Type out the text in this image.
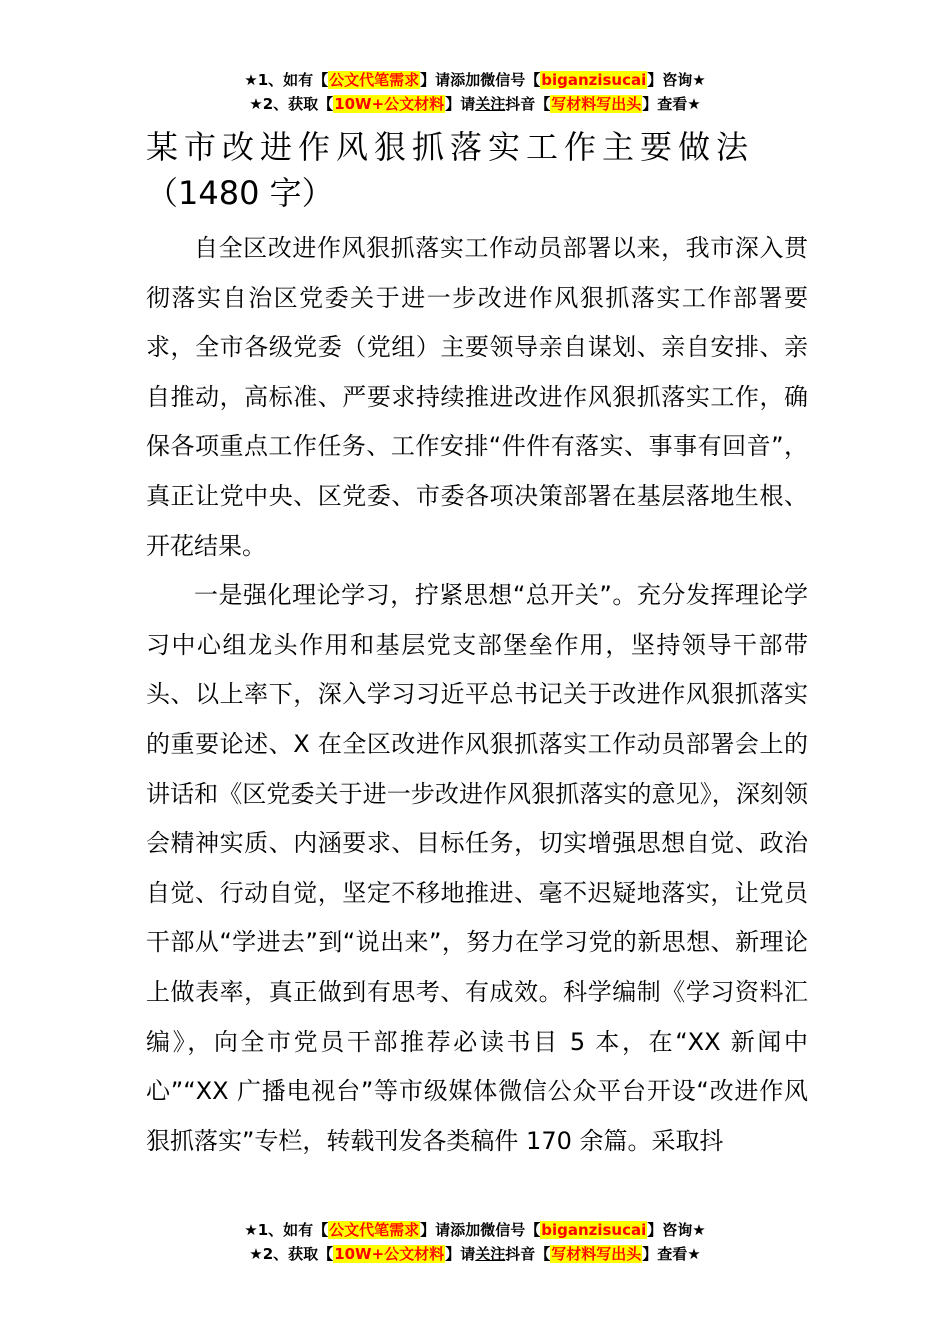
★1、如有【公文代笔需求】请添加微信号【biganzisucai】咨询★
★2、获取【10W+公文材料】请关注抖音【写材料写出头】查看★
某市改进作风狠抓落实工作主要做法
（1480 字）

自全区改进作风狠抓落实工作动员部署以来，我市深入贯彻落实自治区党委关于进一步改进作风狠抓落实工作部署要求，全市各级党委（党组）主要领导亲自谋划、亲自安排、亲自推动，高标准、严要求持续推进改进作风狠抓落实工作，确保各项重点工作任务、工作安排“件件有落实、事事有回音”，真正让党中央、区党委、市委各项决策部署在基层落地生根、开花结果。

一是强化理论学习，拧紧思想“总开关”。充分发挥理论学习中心组龙头作用和基层党支部堡垒作用，坚持领导干部带头、以上率下，深入学习习近平总书记关于改进作风狠抓落实的重要论述、X 在全区改进作风狠抓落实工作动员部署会上的讲话和《区党委关于进一步改进作风狠抓落实的意见》，深刻领会精神实质、内涵要求、目标任务，切实增强思想自觉、政治自觉、行动自觉，坚定不移地推进、毫不迟疑地落实，让党员干部从“学进去”到“说出来”，努力在学习党的新思想、新理论上做表率，真正做到有思考、有成效。科学编制《学习资料汇编》，向全市党员干部推荐必读书目 5 本，在“XX 新闻中心”“XX 广播电视台”等市级媒体微信公众平台开设“改进作风狠抓落实”专栏，转载刊发各类稿件 170 余篇。采取抖

★1、如有【公文代笔需求】请添加微信号【biganzisucai】咨询★
★2、获取【10W+公文材料】请关注抖音【写材料写出头】查看★
